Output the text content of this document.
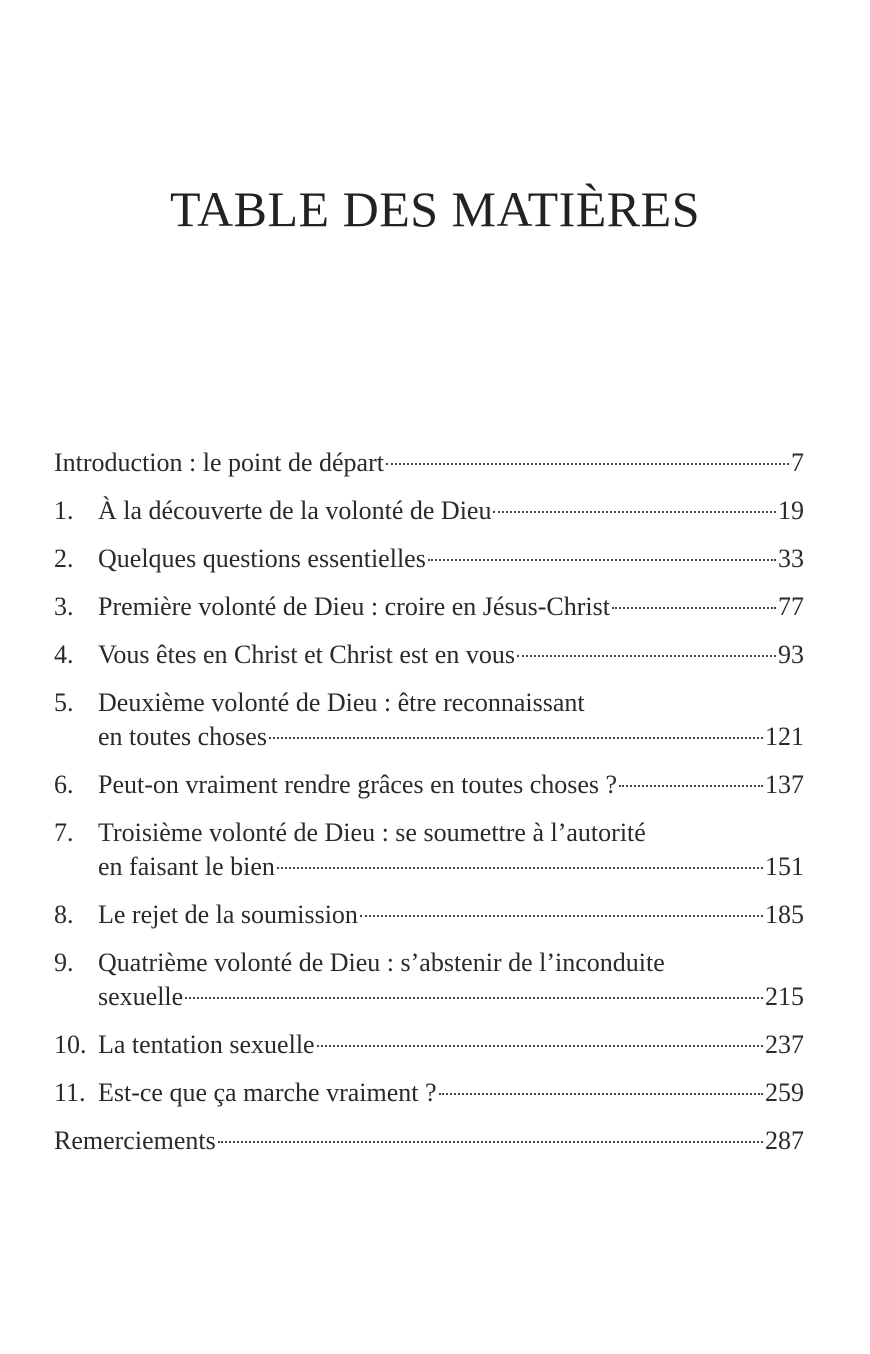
TABLE DES MATIÈRES
Introduction : le point de départ	7
1. À la découverte de la volonté de Dieu	19
2. Quelques questions essentielles	33
3. Première volonté de Dieu : croire en Jésus-Christ	77
4. Vous êtes en Christ et Christ est en vous	93
5. Deuxième volonté de Dieu : être reconnaissant
en toutes choses	121
6. Peut-on vraiment rendre grâces en toutes choses ?	137
7. Troisième volonté de Dieu : se soumettre à l’autorité
en faisant le bien	151
8. Le rejet de la soumission	185
9. Quatrième volonté de Dieu : s’abstenir de l’inconduite
sexuelle	215
10. La tentation sexuelle	237
11. Est-ce que ça marche vraiment ?	259
Remerciements	287
